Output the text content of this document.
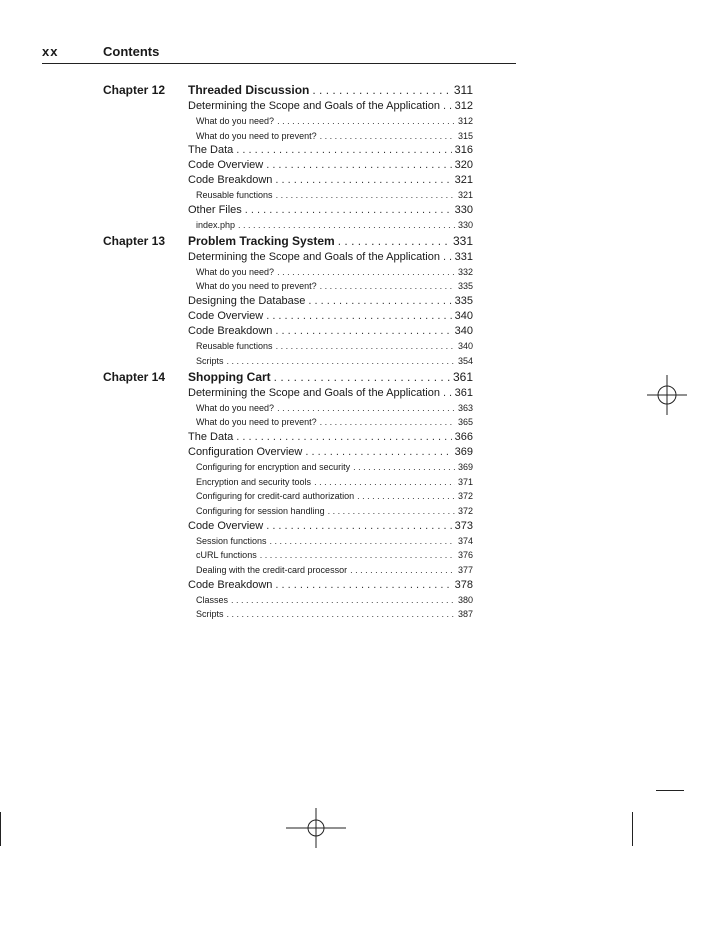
xx	Contents
Chapter 12 Threaded Discussion . . .	311
Determining the Scope and Goals of the Application . . . 312
What do you need? . . .	312
What do you need to prevent? . . .	315
The Data . . .	316
Code Overview . . .	320
Code Breakdown . . .	321
Reusable functions . . .	321
Other Files . . .	330
index.php . . .	330
Chapter 13 Problem Tracking System . . .	331
Determining the Scope and Goals of the Application . . . 331
What do you need? . . .	332
What do you need to prevent? . . .	335
Designing the Database . . .	335
Code Overview . . .	340
Code Breakdown . . .	340
Reusable functions . . .	340
Scripts . . .	354
Chapter 14 Shopping Cart . . .	361
Determining the Scope and Goals of the Application . . . 361
What do you need? . . .	363
What do you need to prevent? . . .	365
The Data . . .	366
Configuration Overview . . .	369
Configuring for encryption and security . . .	369
Encryption and security tools . . .	371
Configuring for credit-card authorization . . .	372
Configuring for session handling . . .	372
Code Overview . . .	373
Session functions . . .	374
cURL functions . . .	376
Dealing with the credit-card processor . . .	377
Code Breakdown . . .	378
Classes . . .	380
Scripts . . .	387
